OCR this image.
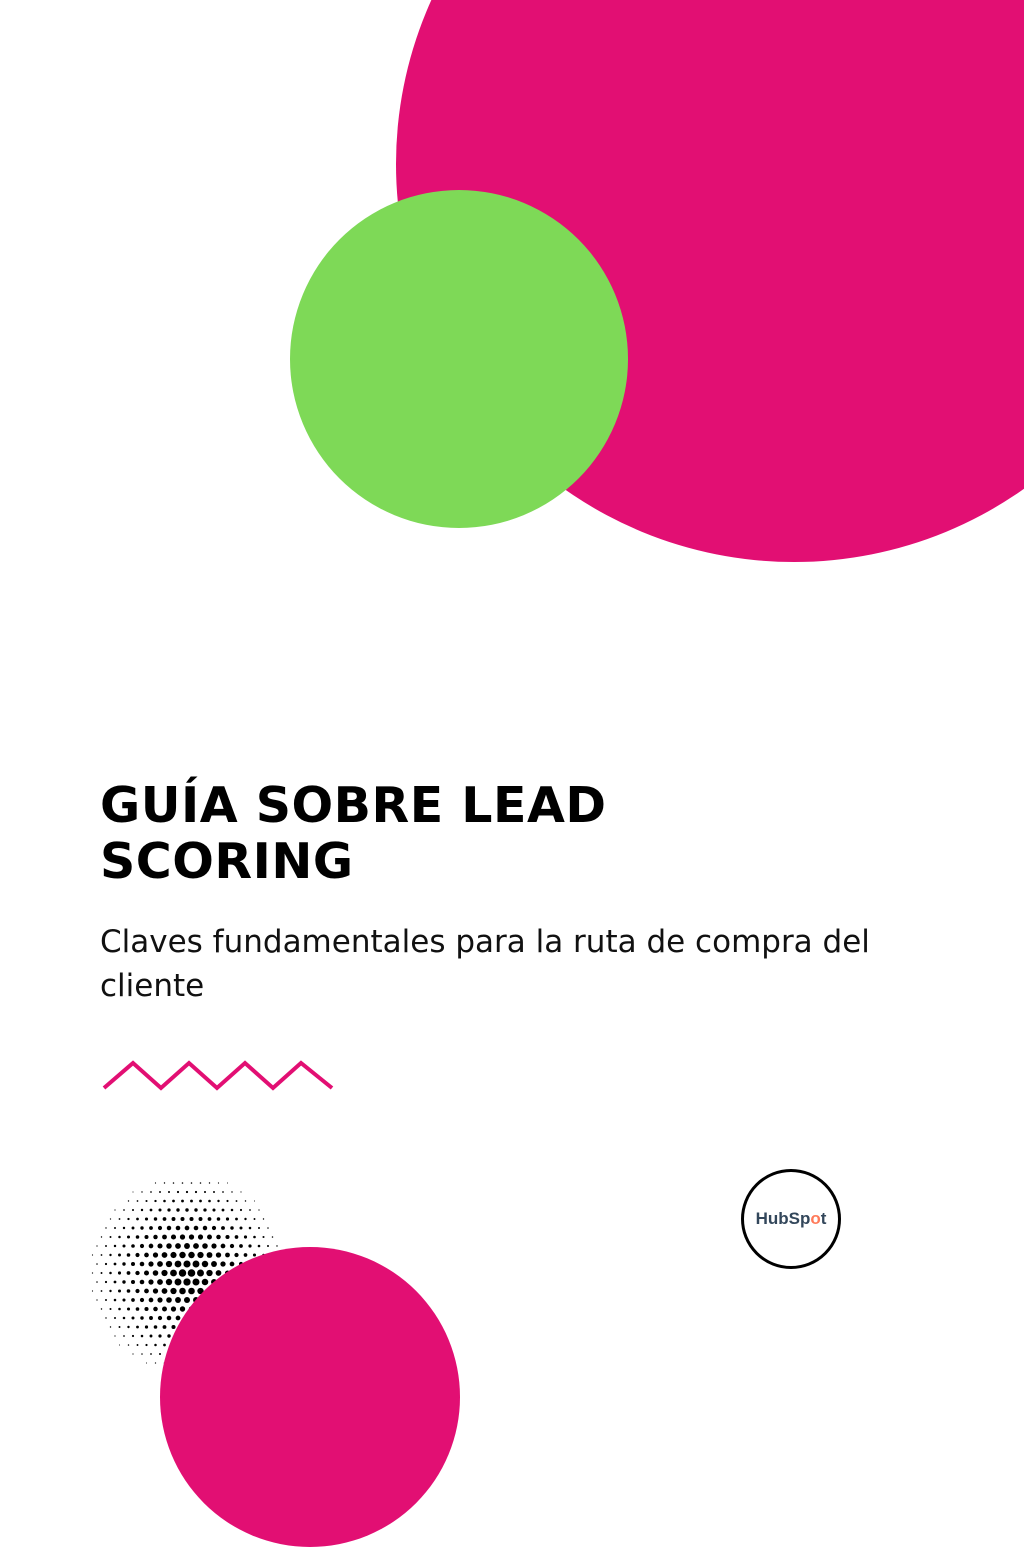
GUÍA SOBRE LEAD SCORING

Claves fundamentales para la ruta de compra del cliente

HubSpot
